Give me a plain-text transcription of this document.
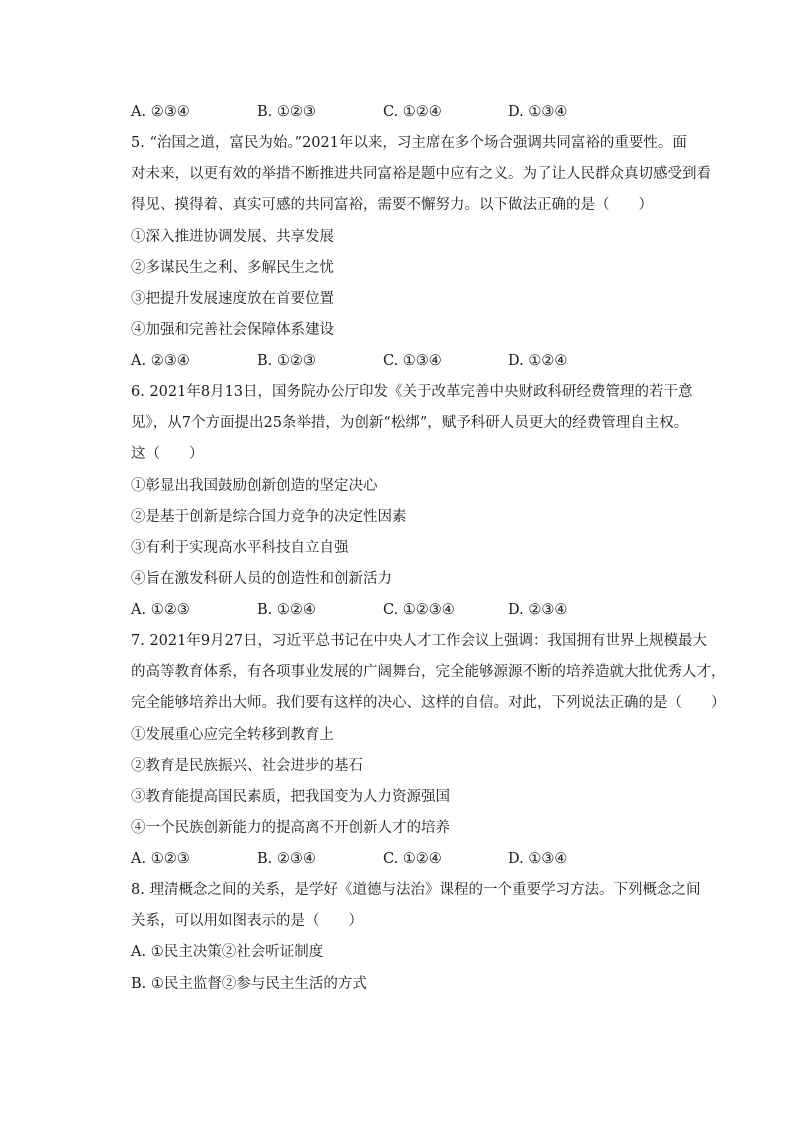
A. ②③④	B. ①②③	C. ①②④	D. ①③④
5. “治国之道，富民为始。”2021年以来，习主席在多个场合强调共同富裕的重要性。面
对未来，以更有效的举措不断推进共同富裕是题中应有之义。为了让人民群众真切感受到看
得见、摸得着、真实可感的共同富裕，需要不懈努力。以下做法正确的是（　　）
①深入推进协调发展、共享发展
②多谋民生之利、多解民生之忧
③把提升发展速度放在首要位置
④加强和完善社会保障体系建设
A. ②③④	B. ①②③	C. ①③④	D. ①②④
6. 2021年8月13日，国务院办公厅印发《关于改革完善中央财政科研经费管理的若干意
见》，从7个方面提出25条举措，为创新“松绑”，赋予科研人员更大的经费管理自主权。
这（　　）
①彰显出我国鼓励创新创造的坚定决心
②是基于创新是综合国力竞争的决定性因素
③有利于实现高水平科技自立自强
④旨在激发科研人员的创造性和创新活力
A. ①②③	B. ①②④	C. ①②③④	D. ②③④
7. 2021年9月27日，习近平总书记在中央人才工作会议上强调：我国拥有世界上规模最大
的高等教育体系，有各项事业发展的广阔舞台，完全能够源源不断的培养造就大批优秀人才，
完全能够培养出大师。我们要有这样的决心、这样的自信。对此，下列说法正确的是（　　）
①发展重心应完全转移到教育上
②教育是民族振兴、社会进步的基石
③教育能提高国民素质，把我国变为人力资源强国
④一个民族创新能力的提高离不开创新人才的培养
A. ①②③	B. ②③④	C. ①②④	D. ①③④
8. 理清概念之间的关系，是学好《道德与法治》课程的一个重要学习方法。下列概念之间
关系，可以用如图表示的是（　　）
A. ①民主决策②社会听证制度
B. ①民主监督②参与民主生活的方式
